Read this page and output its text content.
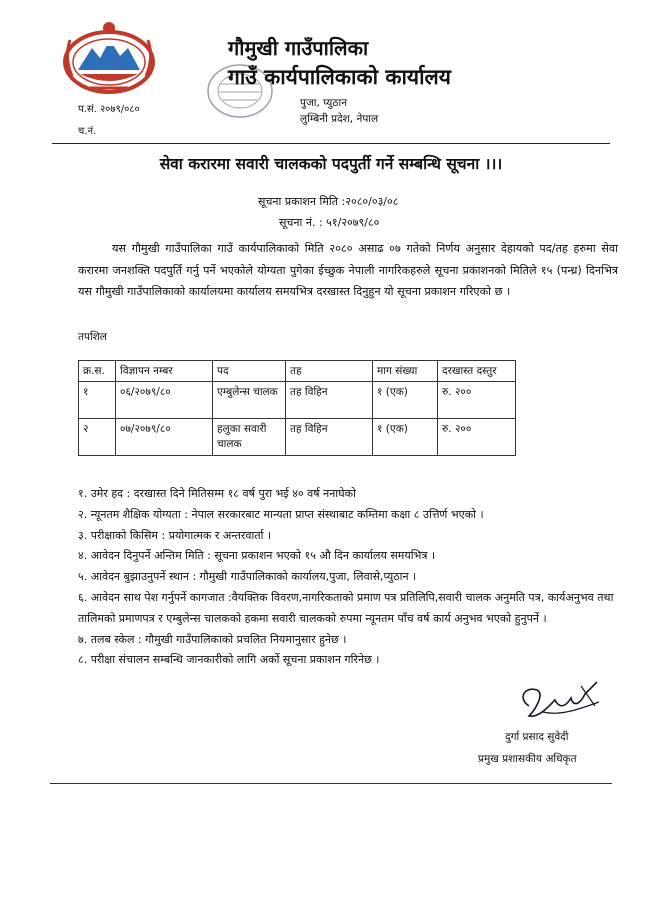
गौमुखी गाउँपालिका
गाउँ कार्यपालिकाको कार्यालय
पुजा, प्युठान
लुम्बिनी प्रदेश, नेपाल
प.सं. २०७९/०८०
च.नं.
सेवा करारमा सवारी चालकको पदपुर्ती गर्ने सम्बन्धि सूचना ।।।
सूचना प्रकाशन मिति :२०८०/०३/०८
सूचना नं. : ५१/२०७९/८०
यस गौमुखी गाउँपालिका गाउँ कार्यपालिकाको मिति २०८० असाढ ०७ गतेको निर्णय अनुसार देहायको पद/तह हरुमा सेवा करारमा जनशक्ति पदपुर्ति गर्नु पर्ने भएकोले योग्यता पुगेका ईच्छुक नेपाली नागरिकहरुले सूचना प्रकाशनको मितिले १५ (पन्ध्र) दिनभित्र यस गौमुखी गाउँपालिकाको कार्यालयमा कार्यालय समयभित्र दरखास्त दिनुहुन यो सूचना प्रकाशन गरिएको छ ।
तपशिल
क्र.स.	विज्ञापन नम्बर	पद	तह	माग संख्या	दरखास्त दस्तुर
१	०६/२०७९/८०	एम्बुलेन्स चालक	तह विहिन	१ (एक)	रु. २००
२	०७/२०७९/८०	हलुका सवारी चालक	तह विहिन	१ (एक)	रु. २००
१. उमेर हद : दरखास्त दिने मितिसम्म १८ वर्ष पुरा भई ४० वर्ष ननाघेको
२. न्यूनतम शैक्षिक योग्यता : नेपाल सरकारबाट मान्यता प्राप्त संस्थाबाट कम्तिमा कक्षा ८ उत्तिर्ण भएको ।
३. परीक्षाको किसिम : प्रयोगात्मक र अन्तरवार्ता ।
४. आवेदन दिनुपर्ने अन्तिम मिति : सूचना प्रकाशन भएको १५ औ दिन कार्यालय समयभित्र ।
५. आवेदन बुझाउनुपर्ने स्थान : गौमुखी गाउँपालिकाको कार्यालय,पुजा, लिवासे,प्युठान ।
६. आवेदन साथ पेश गर्नुपर्ने कागजात :वैयक्तिक विवरण,नागरिकताको प्रमाण पत्र प्रतिलिपि,सवारी चालक अनुमति पत्र, कार्यअनुभव तथा तालिमको प्रमाणपत्र र एम्बुलेन्स चालकको हकमा सवारी चालकको रुपमा न्यूनतम पाँच वर्ष कार्य अनुभव भएको हुनुपर्ने ।
७. तलब स्केल : गौमुखी गाउँपालिकाको प्रचलित नियमानुसार हुनेछ ।
८. परीक्षा संचालन सम्बन्धि जानकारीको लागि अर्को सूचना प्रकाशन गरिनेछ ।
दुर्गा प्रसाद सुवेदी
प्रमुख प्रशासकीय अधिकृत
